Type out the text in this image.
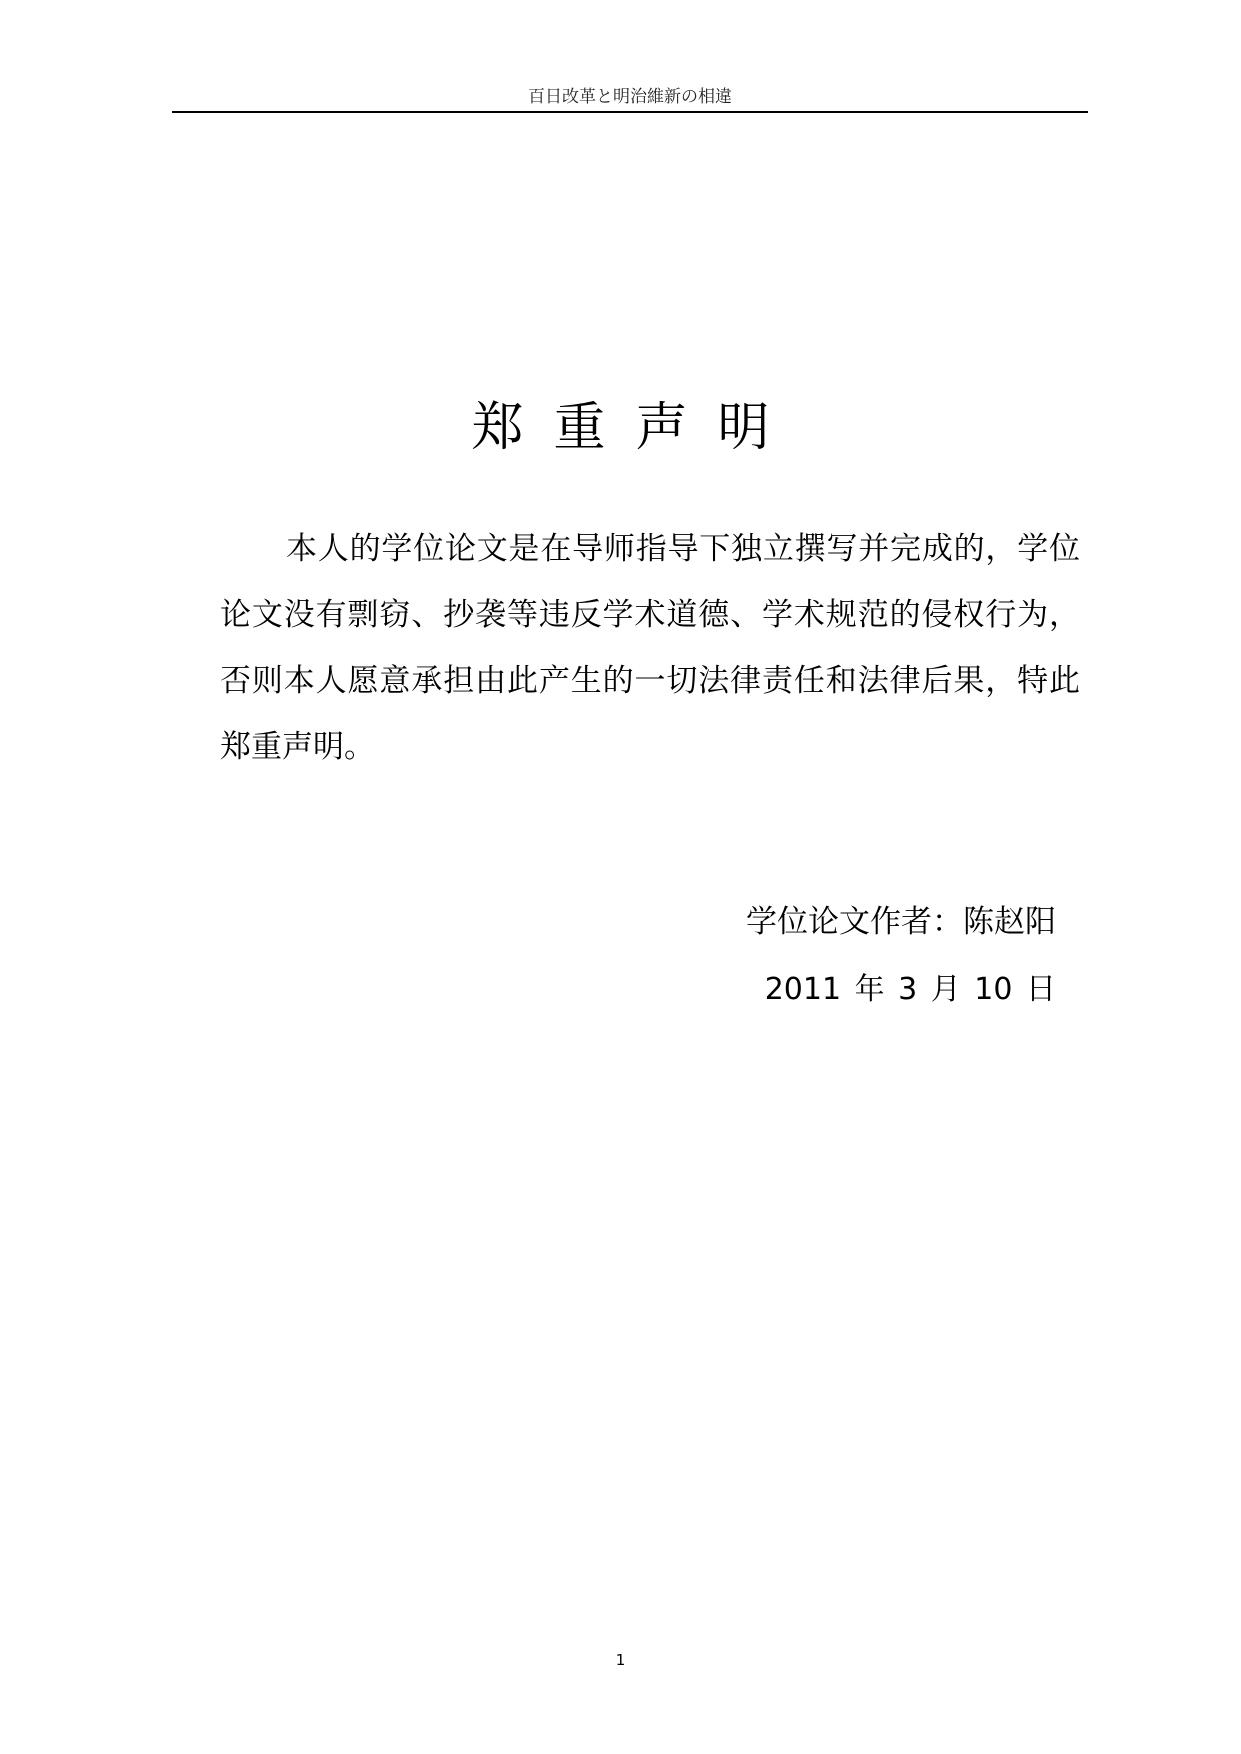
百日改革と明治維新の相違
郑重声明

本人的学位论文是在导师指导下独立撰写并完成的，学位论文没有剽窃、抄袭等违反学术道德、学术规范的侵权行为，否则本人愿意承担由此产生的一切法律责任和法律后果，特此郑重声明。

学位论文作者：陈赵阳
2011 年 3 月 10 日
1
